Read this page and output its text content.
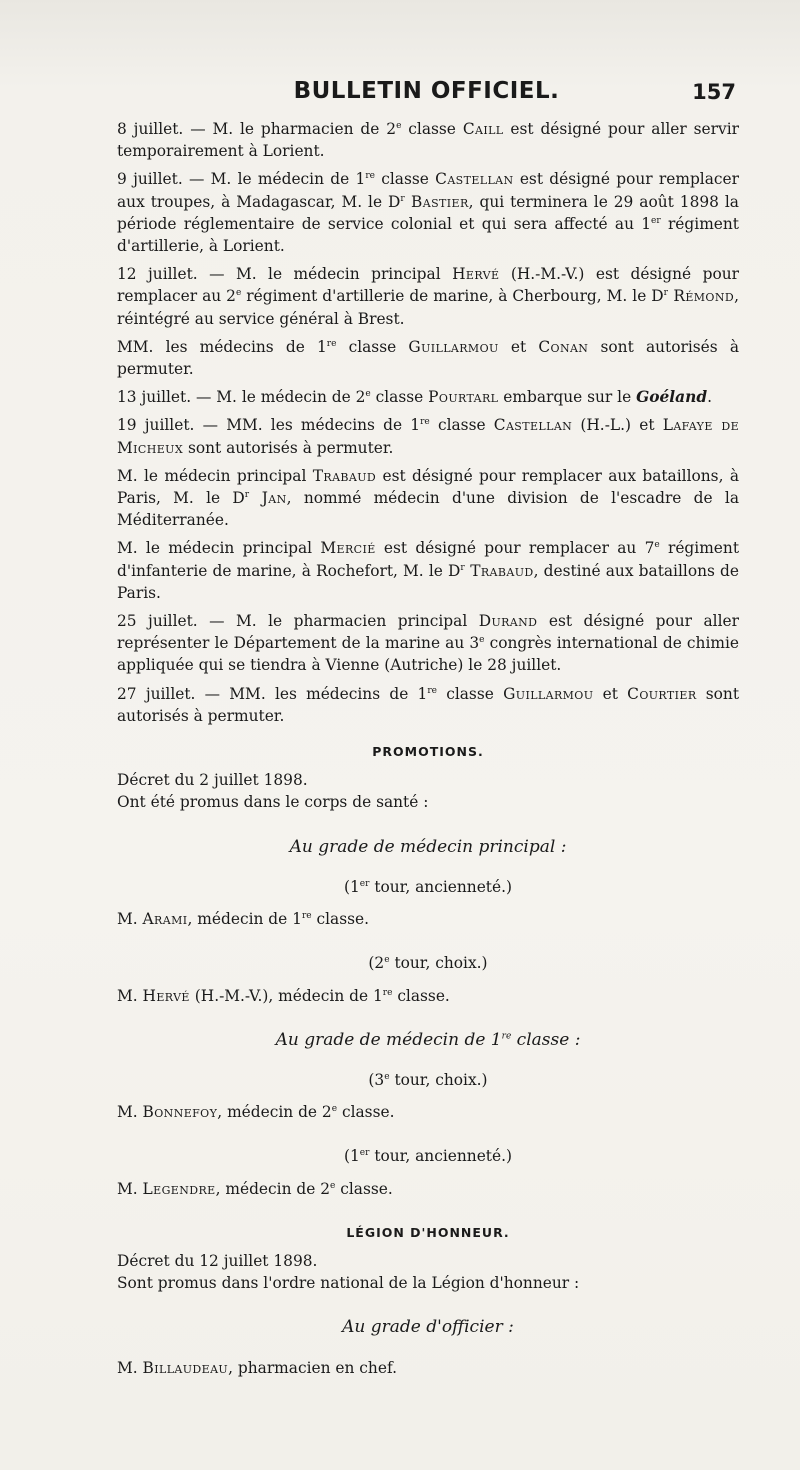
BULLETIN OFFICIEL.	157

8 juillet. — M. le pharmacien de 2e classe Caill est désigné pour aller servir temporairement à Lorient.

9 juillet. — M. le médecin de 1re classe Castellan est désigné pour remplacer aux troupes, à Madagascar, M. le $D^r$ Bastier, qui terminera le 29 août 1898 la période réglementaire de service colonial et qui sera affecté au 1er régiment d'artillerie, à Lorient.

12 juillet. — M. le médecin principal Hervé (H.-M.-V.) est désigné pour remplacer au 2e régiment d'artillerie de marine, à Cherbourg, M. le $D^r$ Rémond, réintégré au service général à Brest.

MM. les médecins de 1re classe Guillarmou et Conan sont autorisés à permuter.

13 juillet. — M. le médecin de 2e classe Pourtarl embarque sur le Goéland.

19 juillet. — MM. les médecins de 1re classe Castellan (H.-L.) et Lafaye de Micheux sont autorisés à permuter.

M. le médecin principal Trabaud est désigné pour remplacer aux bataillons, à Paris, M. le $D^r$ Jan, nommé médecin d'une division de l'escadre de la Méditerranée.

M. le médecin principal Mercié est désigné pour remplacer au 7e régiment d'infanterie de marine, à Rochefort, M. le $D^r$ Trabaud, destiné aux bataillons de Paris.

25 juillet. — M. le pharmacien principal Durand est désigné pour aller représenter le Département de la marine au 3e congrès international de chimie appliquée qui se tiendra à Vienne (Autriche) le 28 juillet.

27 juillet. — MM. les médecins de 1re classe Guillarmou et Courtier sont autorisés à permuter.

PROMOTIONS.

Décret du 2 juillet 1898.

Ont été promus dans le corps de santé :

Au grade de médecin principal :

(1er tour, ancienneté.)

M. Arami, médecin de 1re classe.

(2e tour, choix.)

M. Hervé (H.-M.-V.), médecin de 1re classe.

Au grade de médecin de 1re classe :

(3e tour, choix.)

M. Bonnefoy, médecin de 2e classe.

(1er tour, ancienneté.)

M. Legendre, médecin de 2e classe.

LÉGION D'HONNEUR.

Décret du 12 juillet 1898.

Sont promus dans l'ordre national de la Légion d'honneur :

Au grade d'officier :

M. Billaudeau, pharmacien en chef.
